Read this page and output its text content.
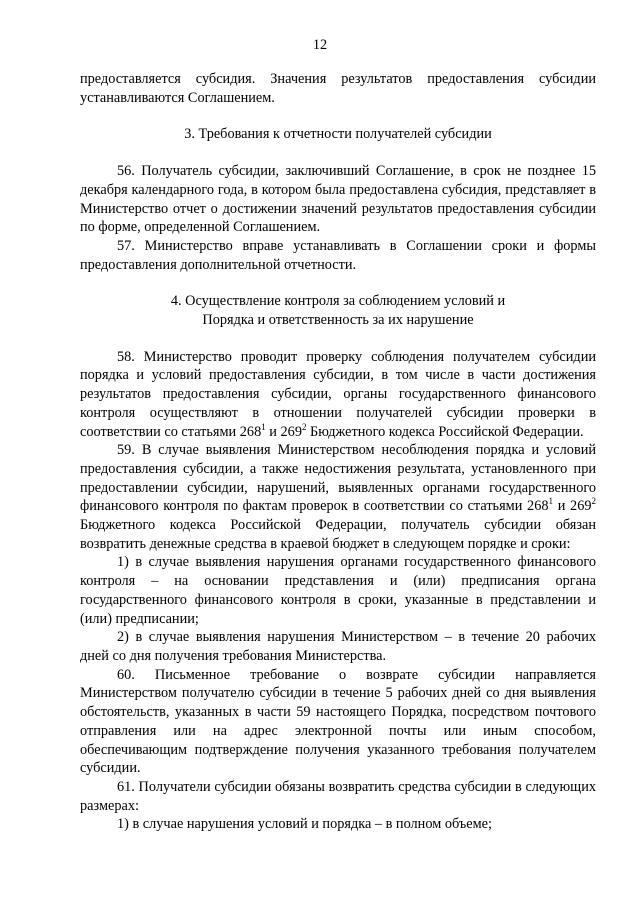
12

предоставляется субсидия. Значения результатов предоставления субсидии устанавливаются Соглашением.

3. Требования к отчетности получателей субсидии

56. Получатель субсидии, заключивший Соглашение, в срок не позднее 15 декабря календарного года, в котором была предоставлена субсидия, представляет в Министерство отчет о достижении значений результатов предоставления субсидии по форме, определенной Соглашением.

57. Министерство вправе устанавливать в Соглашении сроки и формы предоставления дополнительной отчетности.

4. Осуществление контроля за соблюдением условий и
Порядка и ответственность за их нарушение

58. Министерство проводит проверку соблюдения получателем субсидии порядка и условий предоставления субсидии, в том числе в части достижения результатов предоставления субсидии, органы государственного финансового контроля осуществляют в отношении получателей субсидии проверки в соответствии со статьями $268^1$ и $269^2$ Бюджетного кодекса Российской Федерации.

59. В случае выявления Министерством несоблюдения порядка и условий предоставления субсидии, а также недостижения результата, установленного при предоставлении субсидии, нарушений, выявленных органами государственного финансового контроля по фактам проверок в соответствии со статьями $268^1$ и $269^2$ Бюджетного кодекса Российской Федерации, получатель субсидии обязан возвратить денежные средства в краевой бюджет в следующем порядке и сроки:

1) в случае выявления нарушения органами государственного финансового контроля – на основании представления и (или) предписания органа государственного финансового контроля в сроки, указанные в представлении и (или) предписании;

2) в случае выявления нарушения Министерством – в течение 20 рабочих дней со дня получения требования Министерства.

60. Письменное требование о возврате субсидии направляется Министерством получателю субсидии в течение 5 рабочих дней со дня выявления обстоятельств, указанных в части 59 настоящего Порядка, посредством почтового отправления или на адрес электронной почты или иным способом, обеспечивающим подтверждение получения указанного требования получателем субсидии.

61. Получатели субсидии обязаны возвратить средства субсидии в следующих размерах:

1) в случае нарушения условий и порядка – в полном объеме;
